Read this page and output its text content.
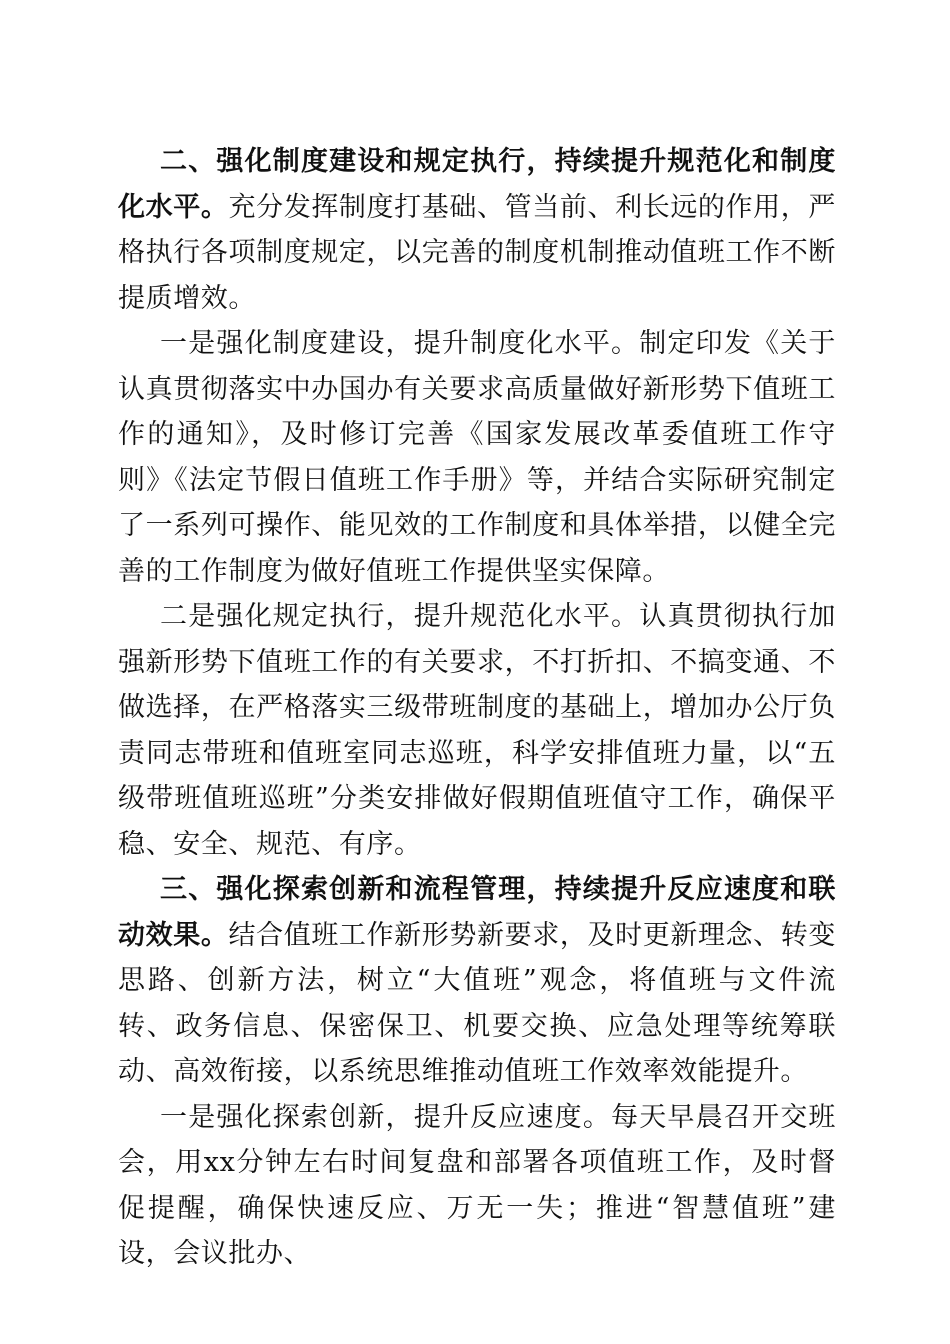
二、强化制度建设和规定执行，持续提升规范化和制度化水平。充分发挥制度打基础、管当前、利长远的作用，严格执行各项制度规定，以完善的制度机制推动值班工作不断提质增效。

一是强化制度建设，提升制度化水平。制定印发《关于认真贯彻落实中办国办有关要求高质量做好新形势下值班工作的通知》，及时修订完善《国家发展改革委值班工作守则》《法定节假日值班工作手册》等，并结合实际研究制定了一系列可操作、能见效的工作制度和具体举措，以健全完善的工作制度为做好值班工作提供坚实保障。

二是强化规定执行，提升规范化水平。认真贯彻执行加强新形势下值班工作的有关要求，不打折扣、不搞变通、不做选择，在严格落实三级带班制度的基础上，增加办公厅负责同志带班和值班室同志巡班，科学安排值班力量，以“五级带班值班巡班”分类安排做好假期值班值守工作，确保平稳、安全、规范、有序。

三、强化探索创新和流程管理，持续提升反应速度和联动效果。结合值班工作新形势新要求，及时更新理念、转变思路、创新方法，树立“大值班”观念，将值班与文件流转、政务信息、保密保卫、机要交换、应急处理等统筹联动、高效衔接，以系统思维推动值班工作效率效能提升。

一是强化探索创新，提升反应速度。每天早晨召开交班会，用xx分钟左右时间复盘和部署各项值班工作，及时督促提醒，确保快速反应、万无一失；推进“智慧值班”建设，会议批办、
